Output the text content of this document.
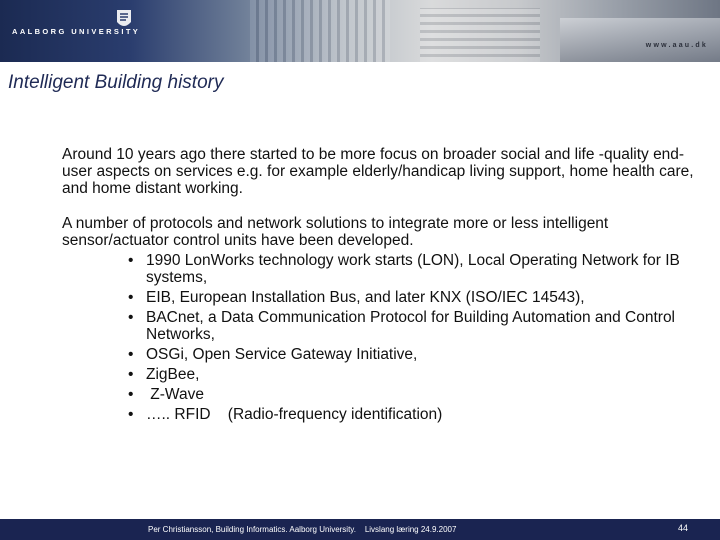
AALBORG UNIVERSITY
www.aau.dk
Intelligent Building history

Around 10 years ago there started to be more focus on broader social and life -quality end-user aspects on services e.g. for example elderly/handicap living support, home health care, and home distant working.

A number of protocols and network solutions to integrate more or less intelligent sensor/actuator control units have been developed.

• 1990 LonWorks technology work starts (LON), Local Operating Network for IB systems,
• EIB, European Installation Bus, and later KNX (ISO/IEC 14543),
• BACnet, a Data Communication Protocol for Building Automation and Control Networks,
• OSGi, Open Service Gateway Initiative,
• ZigBee,
• Z-Wave
• ….. RFID    (Radio-frequency identification)
Per Christiansson, Building Informatics. Aalborg University.    Livslang læring 24.9.2007	44
